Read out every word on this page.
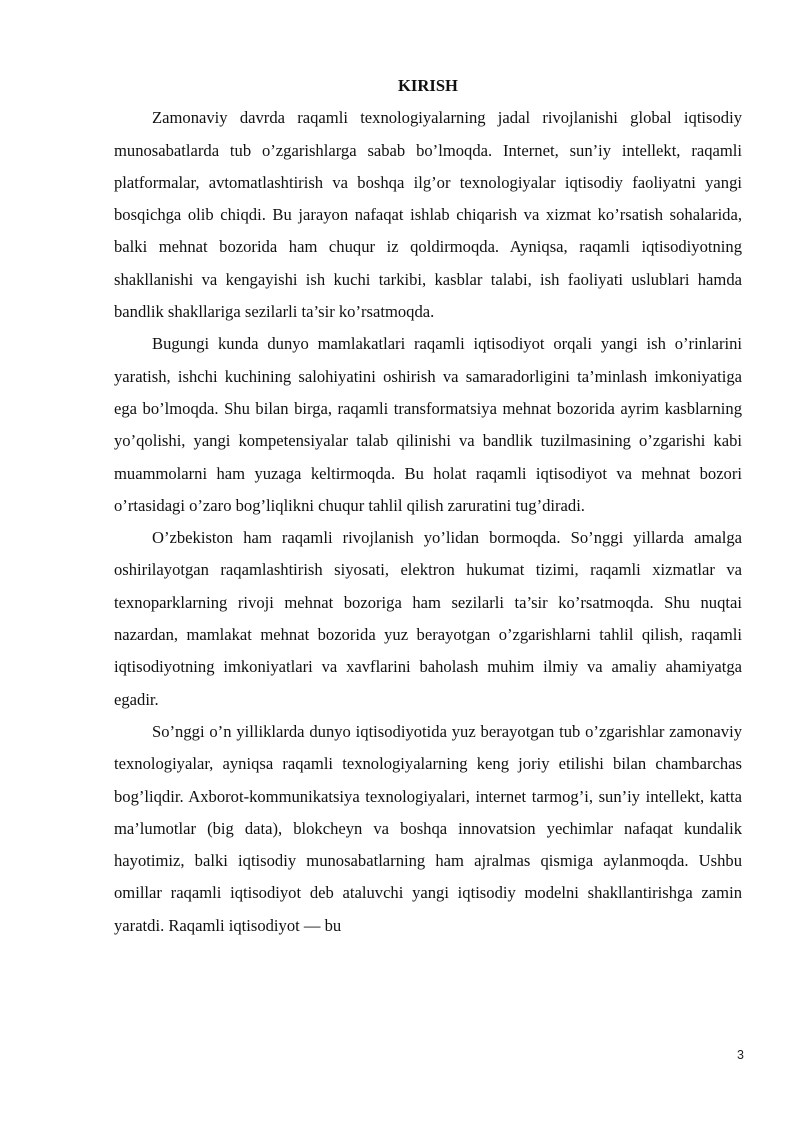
KIRISH

Zamonaviy davrda raqamli texnologiyalarning jadal rivojlanishi global iqtisodiy munosabatlarda tub o’zgarishlarga sabab bo’lmoqda. Internet, sun’iy intellekt, raqamli platformalar, avtomatlashtirish va boshqa ilg’or texnologiyalar iqtisodiy faoliyatni yangi bosqichga olib chiqdi. Bu jarayon nafaqat ishlab chiqarish va xizmat ko’rsatish sohalarida, balki mehnat bozorida ham chuqur iz qoldirmoqda. Ayniqsa, raqamli iqtisodiyotning shakllanishi va kengayishi ish kuchi tarkibi, kasblar talabi, ish faoliyati uslublari hamda bandlik shakllariga sezilarli ta’sir ko’rsatmoqda.

Bugungi kunda dunyo mamlakatlari raqamli iqtisodiyot orqali yangi ish o’rinlarini yaratish, ishchi kuchining salohiyatini oshirish va samaradorligini ta’minlash imkoniyatiga ega bo’lmoqda. Shu bilan birga, raqamli transformatsiya mehnat bozorida ayrim kasblarning yo’qolishi, yangi kompetensiyalar talab qilinishi va bandlik tuzilmasining o’zgarishi kabi muammolarni ham yuzaga keltirmoqda. Bu holat raqamli iqtisodiyot va mehnat bozori o’rtasidagi o’zaro bog’liqlikni chuqur tahlil qilish zaruratini tug’diradi.

O’zbekiston ham raqamli rivojlanish yo’lidan bormoqda. So’nggi yillarda amalga oshirilayotgan raqamlashtirish siyosati, elektron hukumat tizimi, raqamli xizmatlar va texnoparklarning rivoji mehnat bozoriga ham sezilarli ta’sir ko’rsatmoqda. Shu nuqtai nazardan, mamlakat mehnat bozorida yuz berayotgan o’zgarishlarni tahlil qilish, raqamli iqtisodiyotning imkoniyatlari va xavflarini baholash muhim ilmiy va amaliy ahamiyatga egadir.

So’nggi o’n yilliklarda dunyo iqtisodiyotida yuz berayotgan tub o’zgarishlar zamonaviy texnologiyalar, ayniqsa raqamli texnologiyalarning keng joriy etilishi bilan chambarchas bog’liqdir. Axborot-kommunikatsiya texnologiyalari, internet tarmog’i, sun’iy intellekt, katta ma’lumotlar (big data), blokcheyn va boshqa innovatsion yechimlar nafaqat kundalik hayotimiz, balki iqtisodiy munosabatlarning ham ajralmas qismiga aylanmoqda. Ushbu omillar raqamli iqtisodiyot deb ataluvchi yangi iqtisodiy modelni shakllantirishga zamin yaratdi. Raqamli iqtisodiyot — bu

3
